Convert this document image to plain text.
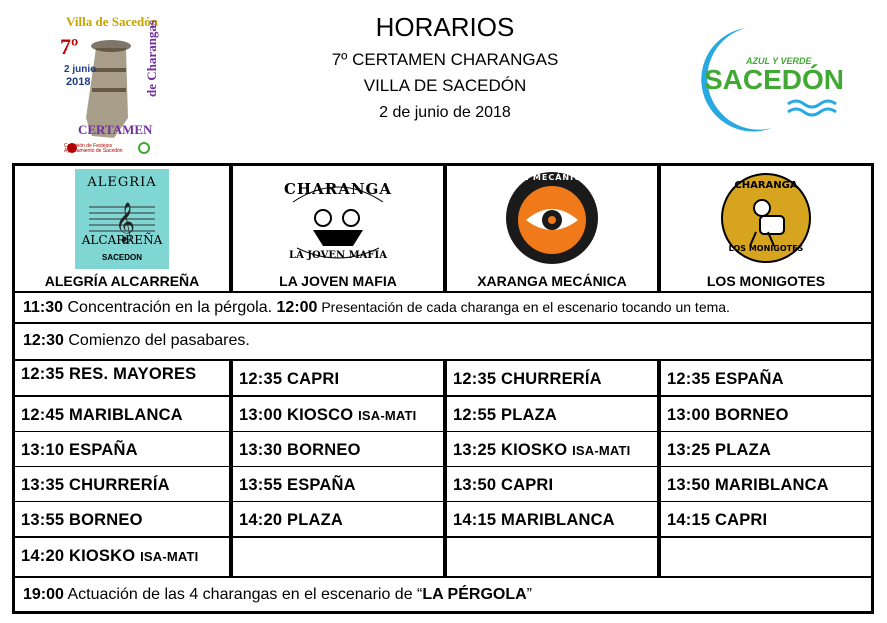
Villa de Sacedón
7º
2 junio
2018	de Charangas
CERTAMEN
Comisión de Festejos Ayuntamiento de Sacedón
HORARIOS
7º CERTAMEN CHARANGAS
VILLA DE SACEDÓN
2 de junio de 2018
AZUL Y VERDE
SACEDÓN
𝄞
ALEGRIA
ALCARREÑA
SACEDON
ALEGRÍA ALCARREÑA
CHARANGA
LA JOVEN MAFIA
LA JOVEN MAFIA
LA MECÁNICA
XARANGA MECÁNICA
CHARANGA
LOS MONIGOTES
LOS MONIGOTES
11:30 Concentración en la pérgola. 12:00 Presentación de cada charanga en el escenario tocando un tema.
12:30 Comienzo del pasabares.
12:35 RES. MAYORES	12:35 CAPRI	12:35 CHURRERÍA	12:35 ESPAÑA
12:45 MARIBLANCA	13:00 KIOSCO ISA-MATI	12:55 PLAZA	13:00 BORNEO
13:10 ESPAÑA	13:30 BORNEO	13:25 KIOSKO ISA-MATI	13:25 PLAZA
13:35 CHURRERÍA	13:55 ESPAÑA	13:50 CAPRI	13:50 MARIBLANCA
13:55 BORNEO	14:20 PLAZA	14:15 MARIBLANCA	14:15 CAPRI
14:20 KIOSKO ISA-MATI
19:00 Actuación de las 4 charangas en el escenario de “LA PÉRGOLA”
